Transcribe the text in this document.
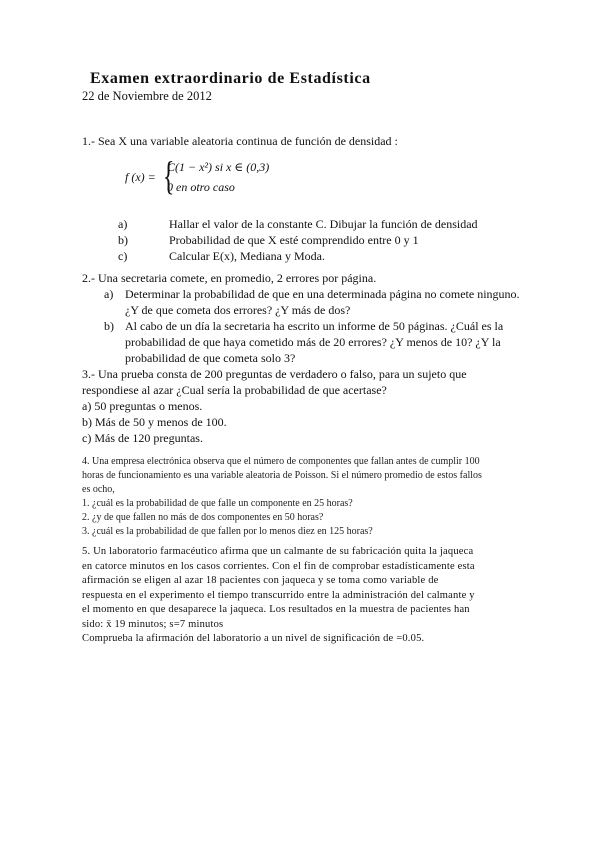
Examen extraordinario de Estadística
22 de Noviembre de 2012

1.- Sea X una variable aleatoria continua de función de densidad :

f (x) = {
C(1 − x²) si x ∈ (0,3)
0 en otro caso
a)	Hallar el valor de la constante C. Dibujar la función de densidad
b)	Probabilidad de que X esté comprendido entre 0 y 1
c)	Calcular E(x), Mediana y Moda.

2.- Una secretaria comete, en promedio, 2 errores por página.

a) Determinar la probabilidad de que en una determinada página no comete ninguno. ¿Y de que cometa dos errores? ¿Y más de dos?
b) Al cabo de un día la secretaria ha escrito un informe de 50 páginas. ¿Cuál es la probabilidad de que haya cometido más de 20 errores? ¿Y menos de 10? ¿Y la probabilidad de que cometa solo 3?

3.- Una prueba consta de 200 preguntas de verdadero o falso, para un sujeto que respondiese al azar ¿Cual sería la probabilidad de que acertase?

a) 50 preguntas o menos.

b) Más de 50 y menos de 100.

c) Más de 120 preguntas.

4. Una empresa electrónica observa que el número de componentes que fallan antes de cumplir 100 horas de funcionamiento es una variable aleatoria de Poisson. Si el número promedio de estos fallos es ocho,

1. ¿cuál es la probabilidad de que falle un componente en 25 horas?

2. ¿y de que fallen no más de dos componentes en 50 horas?

3. ¿cuál es la probabilidad de que fallen por lo menos diez en 125 horas?

5. Un laboratorio farmacéutico afirma que un calmante de su fabricación quita la jaqueca en catorce minutos en los casos corrientes. Con el fin de comprobar estadísticamente esta afirmación se eligen al azar 18 pacientes con jaqueca y se toma como variable de respuesta en el experimento el tiempo transcurrido entre la administración del calmante y el momento en que desaparece la jaqueca. Los resultados en la muestra de pacientes han sido: x̄ 19 minutos; s=7 minutos

Comprueba la afirmación del laboratorio a un nivel de significación de =0.05.
